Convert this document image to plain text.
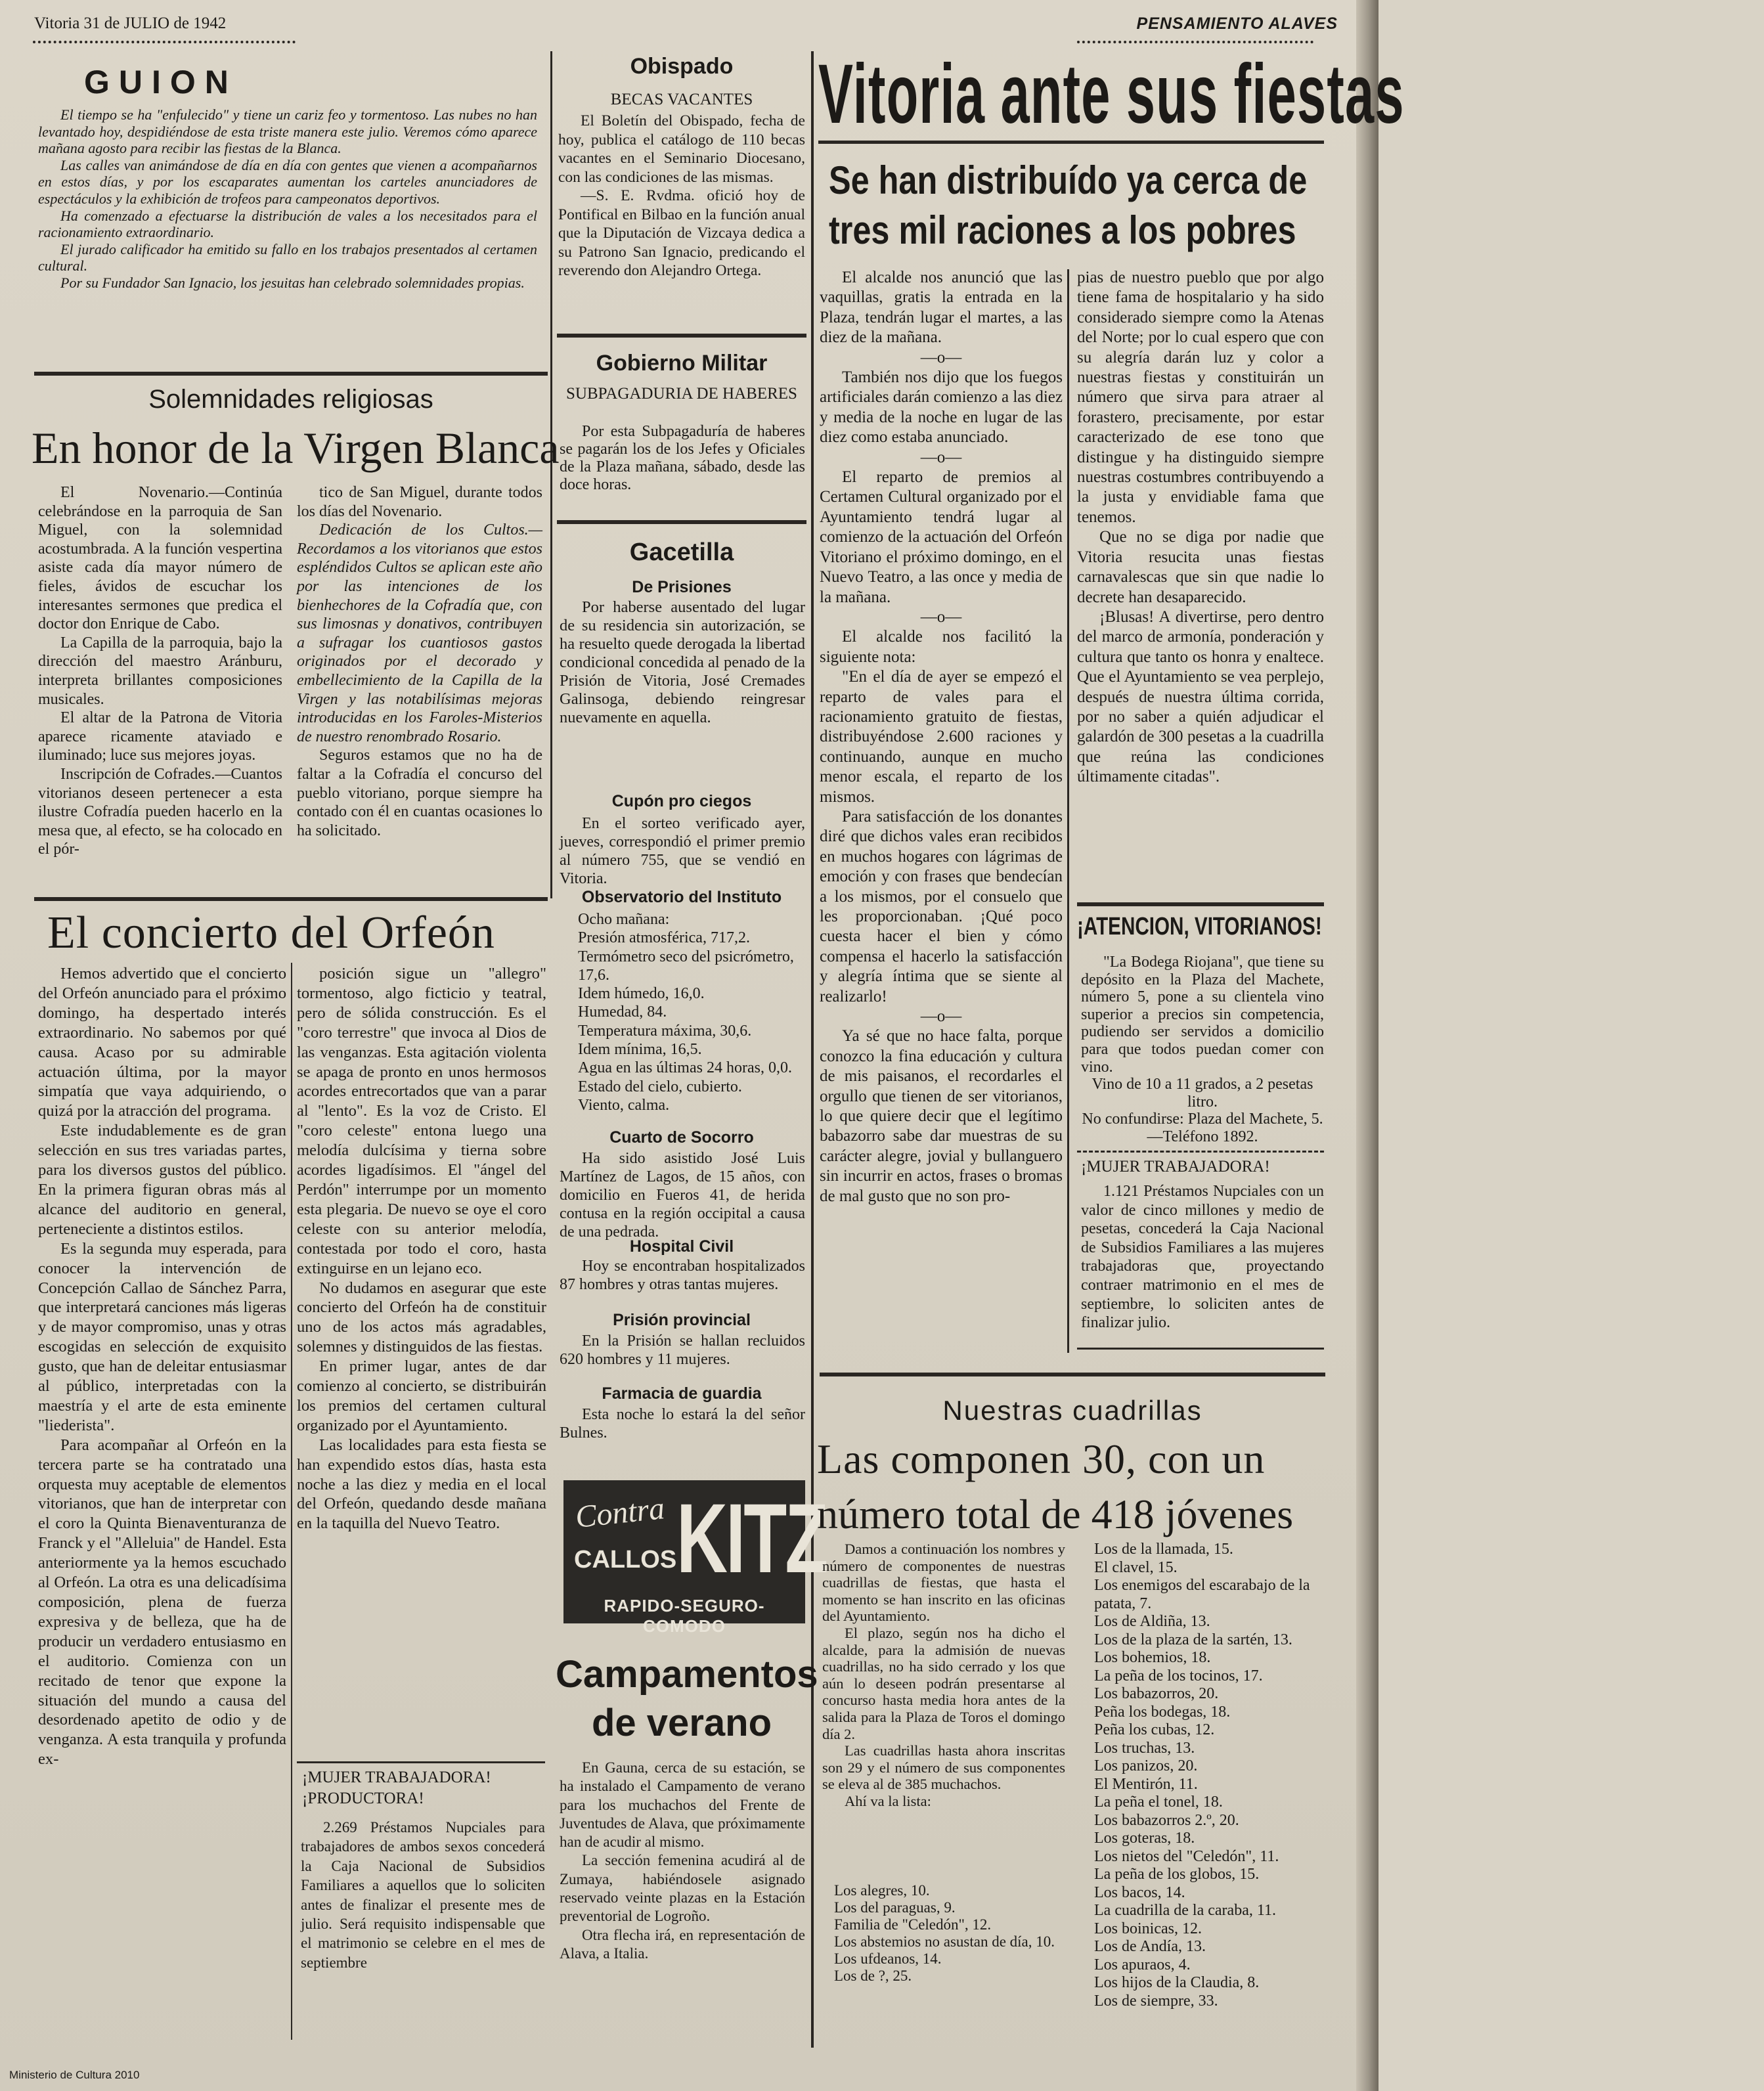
Vitoria 31 de JULIO de 1942	PENSAMIENTO ALAVES
GUION

El tiempo se ha "enfulecido" y tiene un cariz feo y tormentoso. Las nubes no han levantado hoy, despidiéndose de esta triste manera este julio. Veremos cómo aparece mañana agosto para recibir las fiestas de la Blanca.

Las calles van animándose de día en día con gentes que vienen a acompañarnos en estos días, y por los escaparates aumentan los carteles anunciadores de espectáculos y la exhibición de trofeos para campeonatos deportivos.

Ha comenzado a efectuarse la distribución de vales a los necesitados para el racionamiento extraordinario.

El jurado calificador ha emitido su fallo en los trabajos presentados al certamen cultural.

Por su Fundador San Ignacio, los jesuitas han celebrado solemnidades propias.

Solemnidades religiosas
En honor de la Virgen Blanca

El Novenario.—Continúa celebrándose en la parroquia de San Miguel, con la solemnidad acostumbrada. A la función vespertina asiste cada día mayor número de fieles, ávidos de escuchar los interesantes sermones que predica el doctor don Enrique de Cabo.

La Capilla de la parroquia, bajo la dirección del maestro Aránburu, interpreta brillantes composiciones musicales.

El altar de la Patrona de Vitoria aparece ricamente ataviado e iluminado; luce sus mejores joyas.

Inscripción de Cofrades.—Cuantos vitorianos deseen pertenecer a esta ilustre Cofradía pueden hacerlo en la mesa que, al efecto, se ha colocado en el pór-

tico de San Miguel, durante todos los días del Novenario.

Dedicación de los Cultos.—Recordamos a los vitorianos que estos espléndidos Cultos se aplican este año por las intenciones de los bienhechores de la Cofradía que, con sus limosnas y donativos, contribuyen a sufragar los cuantiosos gastos originados por el decorado y embellecimiento de la Capilla de la Virgen y las notabilísimas mejoras introducidas en los Faroles-Misterios de nuestro renombrado Rosario.

Seguros estamos que no ha de faltar a la Cofradía el concurso del pueblo vitoriano, porque siempre ha contado con él en cuantas ocasiones lo ha solicitado.

El concierto del Orfeón

Hemos advertido que el concierto del Orfeón anunciado para el próximo domingo, ha despertado interés extraordinario. No sabemos por qué causa. Acaso por su admirable actuación última, por la mayor simpatía que vaya adquiriendo, o quizá por la atracción del programa.

Este indudablemente es de gran selección en sus tres variadas partes, para los diversos gustos del público. En la primera figuran obras más al alcance del auditorio en general, perteneciente a distintos estilos.

Es la segunda muy esperada, para conocer la intervención de Concepción Callao de Sánchez Parra, que interpretará canciones más ligeras y de mayor compromiso, unas y otras escogidas en selección de exquisito gusto, que han de deleitar entusiasmar al público, interpretadas con la maestría y el arte de esta eminente "liederista".

Para acompañar al Orfeón en la tercera parte se ha contratado una orquesta muy aceptable de elementos vitorianos, que han de interpretar con el coro la Quinta Bienaventuranza de Franck y el "Alleluia" de Handel. Esta anteriormente ya la hemos escuchado al Orfeón. La otra es una delicadísima composición, plena de fuerza expresiva y de belleza, que ha de producir un verdadero entusiasmo en el auditorio. Comienza con un recitado de tenor que expone la situación del mundo a causa del desordenado apetito de odio y de venganza. A esta tranquila y profunda ex-

posición sigue un "allegro" tormentoso, algo ficticio y teatral, pero de sólida construcción. Es el "coro terrestre" que invoca al Dios de las venganzas. Esta agitación violenta se apaga de pronto en unos hermosos acordes entrecortados que van a parar al "lento". Es la voz de Cristo. El "coro celeste" entona luego una melodía dulcísima y tierna sobre acordes ligadísimos. El "ángel del Perdón" interrumpe por un momento esta plegaria. De nuevo se oye el coro celeste con su anterior melodía, contestada por todo el coro, hasta extinguirse en un lejano eco.

No dudamos en asegurar que este concierto del Orfeón ha de constituir uno de los actos más agradables, solemnes y distinguidos de las fiestas.

En primer lugar, antes de dar comienzo al concierto, se distribuirán los premios del certamen cultural organizado por el Ayuntamiento.

Las localidades para esta fiesta se han expendido estos días, hasta esta noche a las diez y media en el local del Orfeón, quedando desde mañana en la taquilla del Nuevo Teatro.

¡MUJER TRABAJADORA!
¡PRODUCTORA!

2.269 Préstamos Nupciales para trabajadores de ambos sexos concederá la Caja Nacional de Subsidios Familiares a aquellos que lo soliciten antes de finalizar el presente mes de julio. Será requisito indispensable que el matrimonio se celebre en el mes de septiembre

Obispado
BECAS VACANTES

El Boletín del Obispado, fecha de hoy, publica el catálogo de 110 becas vacantes en el Seminario Diocesano, con las condiciones de las mismas.

—S. E. Rvdma. ofició hoy de Pontifical en Bilbao en la función anual que la Diputación de Vizcaya dedica a su Patrono San Ignacio, predicando el reverendo don Alejandro Ortega.

Gobierno Militar
SUBPAGADURIA DE HABERES

Por esta Subpagaduría de haberes se pagarán los de los Jefes y Oficiales de la Plaza mañana, sábado, desde las doce horas.

Gacetilla
De Prisiones

Por haberse ausentado del lugar de su residencia sin autorización, se ha resuelto quede derogada la libertad condicional concedida al penado de la Prisión de Vitoria, José Cremades Galinsoga, debiendo reingresar nuevamente en aquella.

Cupón pro ciegos

En el sorteo verificado ayer, jueves, correspondió el primer premio al número 755, que se vendió en Vitoria.

Observatorio del Instituto
Ocho mañana:
Presión atmosférica, 717,2.
Termómetro seco del psicrómetro, 17,6.
Idem húmedo, 16,0.
Humedad, 84.
Temperatura máxima, 30,6.
Idem mínima, 16,5.
Agua en las últimas 24 horas, 0,0.
Estado del cielo, cubierto.
Viento, calma.
Cuarto de Socorro

Ha sido asistido José Luis Martínez de Lagos, de 15 años, con domicilio en Fueros 41, de herida contusa en la región occipital a causa de una pedrada.

Hospital Civil

Hoy se encontraban hospitalizados 87 hombres y otras tantas mujeres.

Prisión provincial

En la Prisión se hallan recluidos 620 hombres y 11 mujeres.

Farmacia de guardia

Esta noche lo estará la del señor Bulnes.

Contra
CALLOS KITZ
RAPIDO-SEGURO-COMODO
Campamentos
de verano

En Gauna, cerca de su estación, se ha instalado el Campamento de verano para los muchachos del Frente de Juventudes de Alava, que próximamente han de acudir al mismo.

La sección femenina acudirá al de Zumaya, habiéndosele asignado reservado veinte plazas en la Estación preventorial de Logroño.

Otra flecha irá, en representación de Alava, a Italia.

Vitoria ante sus fiestas
Se han distribuído ya cerca de
tres mil raciones a los pobres

El alcalde nos anunció que las vaquillas, gratis la entrada en la Plaza, tendrán lugar el martes, a las diez de la mañana.

—o—

También nos dijo que los fuegos artificiales darán comienzo a las diez y media de la noche en lugar de las diez como estaba anunciado.

—o—

El reparto de premios al Certamen Cultural organizado por el Ayuntamiento tendrá lugar al comienzo de la actuación del Orfeón Vitoriano el próximo domingo, en el Nuevo Teatro, a las once y media de la mañana.

—o—

El alcalde nos facilitó la siguiente nota:

"En el día de ayer se empezó el reparto de vales para el racionamiento gratuito de fiestas, distribuyéndose 2.600 raciones y continuando, aunque en mucho menor escala, el reparto de los mismos.

Para satisfacción de los donantes diré que dichos vales eran recibidos en muchos hogares con lágrimas de emoción y con frases que bendecían a los mismos, por el consuelo que les proporcionaban. ¡Qué poco cuesta hacer el bien y cómo compensa el hacerlo la satisfacción y alegría íntima que se siente al realizarlo!

—o—

Ya sé que no hace falta, porque conozco la fina educación y cultura de mis paisanos, el recordarles el orgullo que tienen de ser vitorianos, lo que quiere decir que el legítimo babazorro sabe dar muestras de su carácter alegre, jovial y bullanguero sin incurrir en actos, frases o bromas de mal gusto que no son pro-

pias de nuestro pueblo que por algo tiene fama de hospitalario y ha sido considerado siempre como la Atenas del Norte; por lo cual espero que con su alegría darán luz y color a nuestras fiestas y constituirán un número que sirva para atraer al forastero, precisamente, por estar caracterizado de ese tono que distingue y ha distinguido siempre nuestras costumbres contribuyendo a la justa y envidiable fama que tenemos.

Que no se diga por nadie que Vitoria resucita unas fiestas carnavalescas que sin que nadie lo decrete han desaparecido.

¡Blusas! A divertirse, pero dentro del marco de armonía, ponderación y cultura que tanto os honra y enaltece. Que el Ayuntamiento se vea perplejo, después de nuestra última corrida, por no saber a quién adjudicar el galardón de 300 pesetas a la cuadrilla que reúna las condiciones últimamente citadas".

¡ATENCION, VITORIANOS!

"La Bodega Riojana", que tiene su depósito en la Plaza del Machete, número 5, pone a su clientela vino superior a precios sin competencia, pudiendo ser servidos a domicilio para que todos puedan comer con vino.

Vino de 10 a 11 grados, a 2 pesetas litro.

No confundirse: Plaza del Machete, 5.—Teléfono 1892.

¡MUJER TRABAJADORA!

1.121 Préstamos Nupciales con un valor de cinco millones y medio de pesetas, concederá la Caja Nacional de Subsidios Familiares a las mujeres trabajadoras que, proyectando contraer matrimonio en el mes de septiembre, lo soliciten antes de finalizar julio.

Nuestras cuadrillas
Las componen 30, con un
número total de 418 jóvenes

Damos a continuación los nombres y número de componentes de nuestras cuadrillas de fiestas, que hasta el momento se han inscrito en las oficinas del Ayuntamiento.

El plazo, según nos ha dicho el alcalde, para la admisión de nuevas cuadrillas, no ha sido cerrado y los que aún lo deseen podrán presentarse al concurso hasta media hora antes de la salida para la Plaza de Toros el domingo día 2.

Las cuadrillas hasta ahora inscritas son 29 y el número de sus componentes se eleva al de 385 muchachos.

Ahí va la lista:

Los alegres, 10.
Los del paraguas, 9.
Familia de "Celedón", 12.
Los abstemios no asustan de día, 10.
Los ufdeanos, 14.
Los de ?, 25.
Los de la llamada, 15.
El clavel, 15.
Los enemigos del escarabajo de la patata, 7.
Los de Aldiña, 13.
Los de la plaza de la sartén, 13.
Los bohemios, 18.
La peña de los tocinos, 17.
Los babazorros, 20.
Peña los bodegas, 18.
Peña los cubas, 12.
Los truchas, 13.
Los panizos, 20.
El Mentirón, 11.
La peña el tonel, 18.
Los babazorros 2.º, 20.
Los goteras, 18.
Los nietos del "Celedón", 11.
La peña de los globos, 15.
Los bacos, 14.
La cuadrilla de la caraba, 11.
Los boinicas, 12.
Los de Andía, 13.
Los apuraos, 4.
Los hijos de la Claudia, 8.
Los de siempre, 33.
Ministerio de Cultura 2010
